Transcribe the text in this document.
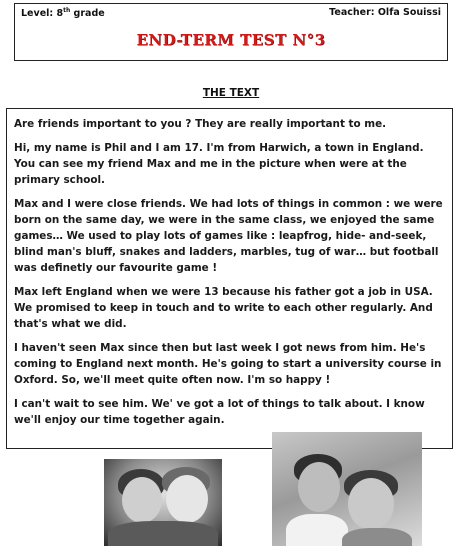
Level: 8th grade	Teacher: Olfa Souissi
END-TERM TEST N°3
THE TEXT

Are friends important to you ? They are really important to me.

Hi, my name is Phil and I am 17. I'm from Harwich, a town in England. You can see my friend Max and me in the picture when were at the primary school.

Max and I were close friends. We had lots of things in common : we were born on the same day, we were in the same class, we enjoyed the same games… We used to play lots of games like : leapfrog, hide- and-seek, blind man's bluff, snakes and ladders, marbles, tug of war… but football was definetly our favourite game !

Max left England when we were 13 because his father got a job in USA. We promised to keep in touch and to write to each other regularly. And that's what we did.

I haven't seen Max since then but last week I got news from him. He's coming to England next month. He's going to start a university course in Oxford. So, we'll meet quite often now. I'm so happy !

I can't wait to see him. We' ve got a lot of things to talk about. I know we'll enjoy our time together again.
